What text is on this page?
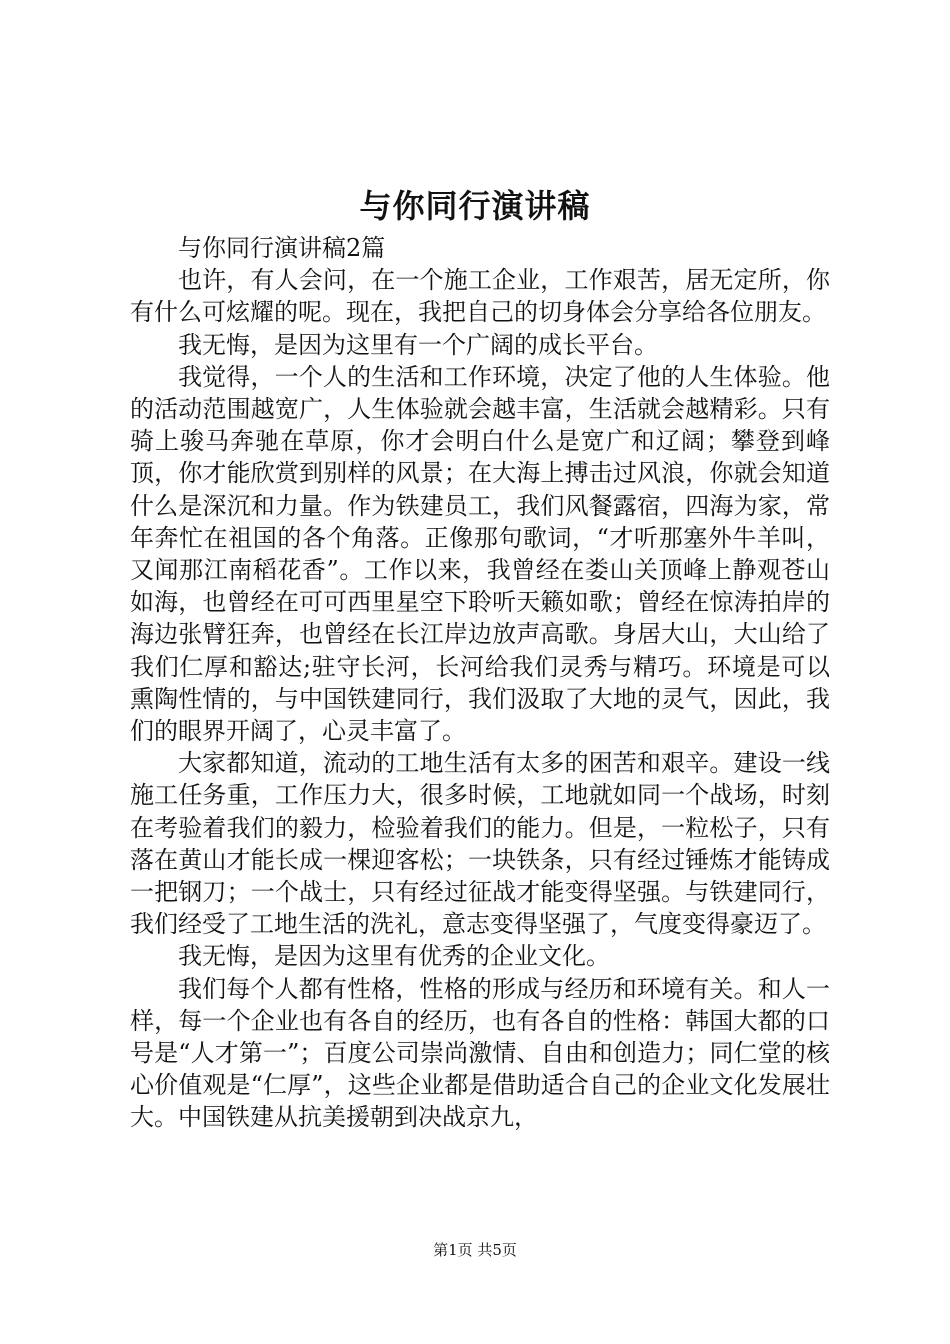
与你同行演讲稿

与你同行演讲稿2篇

也许，有人会问，在一个施工企业，工作艰苦，居无定所，你有什么可炫耀的呢。现在，我把自己的切身体会分享给各位朋友。

我无悔，是因为这里有一个广阔的成长平台。

我觉得，一个人的生活和工作环境，决定了他的人生体验。他的活动范围越宽广，人生体验就会越丰富，生活就会越精彩。只有骑上骏马奔驰在草原，你才会明白什么是宽广和辽阔；攀登到峰顶，你才能欣赏到别样的风景；在大海上搏击过风浪，你就会知道什么是深沉和力量。作为铁建员工，我们风餐露宿，四海为家，常年奔忙在祖国的各个角落。正像那句歌词，“才听那塞外牛羊叫，又闻那江南稻花香”。工作以来，我曾经在娄山关顶峰上静观苍山如海，也曾经在可可西里星空下聆听天籁如歌；曾经在惊涛拍岸的海边张臂狂奔，也曾经在长江岸边放声高歌。身居大山，大山给了我们仁厚和豁达;驻守长河，长河给我们灵秀与精巧。环境是可以熏陶性情的，与中国铁建同行，我们汲取了大地的灵气，因此，我们的眼界开阔了，心灵丰富了。

大家都知道，流动的工地生活有太多的困苦和艰辛。建设一线施工任务重，工作压力大，很多时候，工地就如同一个战场，时刻在考验着我们的毅力，检验着我们的能力。但是，一粒松子，只有落在黄山才能长成一棵迎客松；一块铁条，只有经过锤炼才能铸成一把钢刀；一个战士，只有经过征战才能变得坚强。与铁建同行，我们经受了工地生活的洗礼，意志变得坚强了，气度变得豪迈了。

我无悔，是因为这里有优秀的企业文化。

我们每个人都有性格，性格的形成与经历和环境有关。和人一样，每一个企业也有各自的经历，也有各自的性格：韩国大都的口号是“人才第一”；百度公司崇尚激情、自由和创造力；同仁堂的核心价值观是“仁厚”，这些企业都是借助适合自己的企业文化发展壮大。中国铁建从抗美援朝到决战京九，

第1页 共5页
